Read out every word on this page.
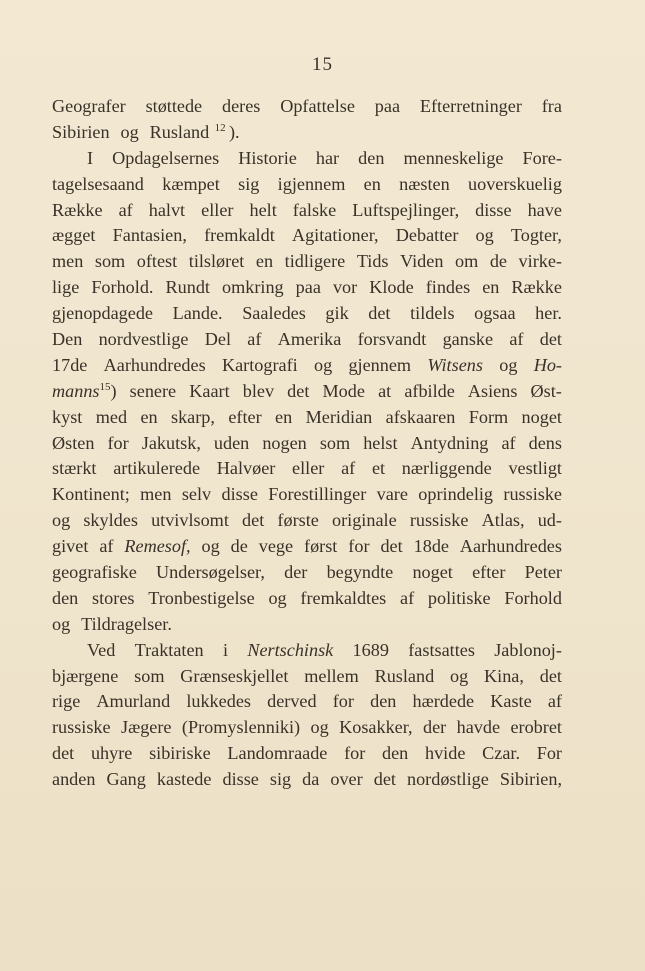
15
Geografer støttede deres Opfattelse paa Efterretninger fra
Sibirien og Rusland $^{12}$ ).
I Opdagelsernes Historie har den menneskelige Fore-
tagelsesaand kæmpet sig igjennem en næsten uoverskuelig
Række af halvt eller helt falske Luftspejlinger, disse have
ægget Fantasien, fremkaldt Agitationer, Debatter og Togter,
men som oftest tilsløret en tidligere Tids Viden om de virke-
lige Forhold. Rundt omkring paa vor Klode findes en Række
gjenopdagede Lande. Saaledes gik det tildels ogsaa her.
Den nordvestlige Del af Amerika forsvandt ganske af det
17de Aarhundredes Kartografi og gjennem Witsens og Ho-
manns$^{15}$) senere Kaart blev det Mode at afbilde Asiens Øst-
kyst med en skarp, efter en Meridian afskaaren Form noget
Østen for Jakutsk, uden nogen som helst Antydning af dens
stærkt artikulerede Halvøer eller af et nærliggende vestligt
Kontinent; men selv disse Forestillinger vare oprindelig russiske
og skyldes utvivlsomt det første originale russiske Atlas, ud-
givet af Remesof, og de vege først for det 18de Aarhundredes
geografiske Undersøgelser, der begyndte noget efter Peter
den stores Tronbestigelse og fremkaldtes af politiske Forhold
og Tildragelser.
Ved Traktaten i Nertschinsk 1689 fastsattes Jablonoj-
bjærgene som Grænseskjellet mellem Rusland og Kina, det
rige Amurland lukkedes derved for den hærdede Kaste af
russiske Jægere (Promyslenniki) og Kosakker, der havde erobret
det uhyre sibiriske Landomraade for den hvide Czar. For
anden Gang kastede disse sig da over det nordøstlige Sibirien,
